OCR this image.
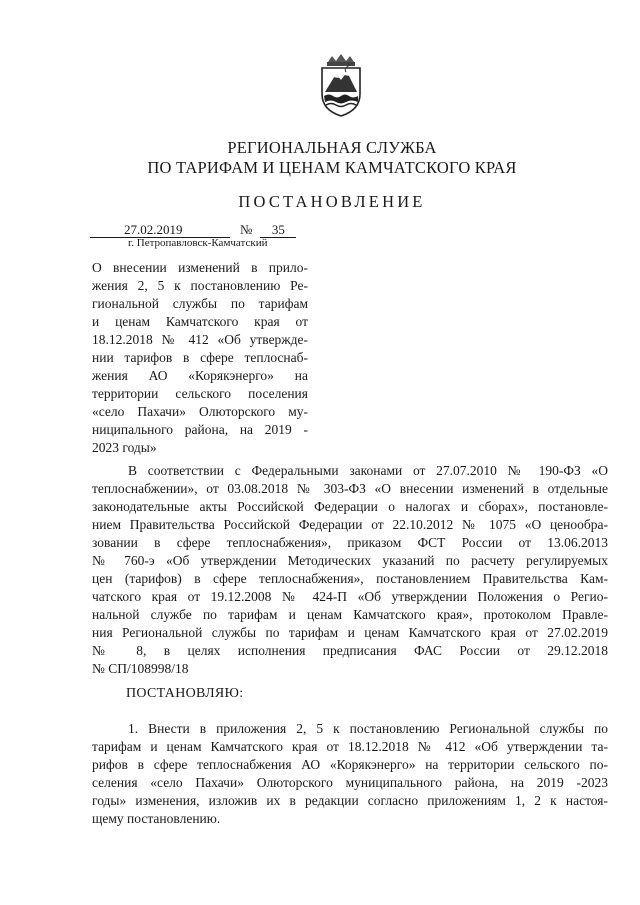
РЕГИОНАЛЬНАЯ СЛУЖБА
ПО ТАРИФАМ И ЦЕНАМ КАМЧАТСКОГО КРАЯ
ПОСТАНОВЛЕНИЕ
27.02.2019	№ 35
г. Петропавловск-Камчатский
О внесении изменений в прило-
жения 2, 5 к постановлению Ре-
гиональной службы по тарифам
и ценам Камчатского края от
18.12.2018 № 412 «Об утвержде-
нии тарифов в сфере теплоснаб-
жения АО «Корякэнерго» на
территории сельского поселения
«село Пахачи» Олюторского му-
ниципального района, на 2019 -
2023 годы»
В соответствии с Федеральными законами от 27.07.2010 № 190-ФЗ «О
теплоснабжении», от 03.08.2018 № 303-ФЗ «О внесении изменений в отдельные
законодательные акты Российской Федерации о налогах и сборах», постановле-
нием Правительства Российской Федерации от 22.10.2012 № 1075 «О ценообра-
зовании в сфере теплоснабжения», приказом ФСТ России от 13.06.2013
№ 760-э «Об утверждении Методических указаний по расчету регулируемых
цен (тарифов) в сфере теплоснабжения», постановлением Правительства Кам-
чатского края от 19.12.2008 № 424-П «Об утверждении Положения о Регио-
нальной службе по тарифам и ценам Камчатского края», протоколом Правле-
ния Региональной службы по тарифам и ценам Камчатского края от 27.02.2019
№ 8, в целях исполнения предписания ФАС России от 29.12.2018
№ СП/108998/18
ПОСТАНОВЛЯЮ:
1. Внести в приложения 2, 5 к постановлению Региональной службы по
тарифам и ценам Камчатского края от 18.12.2018 № 412 «Об утверждении та-
рифов в сфере теплоснабжения АО «Корякэнерго» на территории сельского по-
селения «село Пахачи» Олюторского муниципального района, на 2019 -2023
годы» изменения, изложив их в редакции согласно приложениям 1, 2 к настоя-
щему постановлению.
